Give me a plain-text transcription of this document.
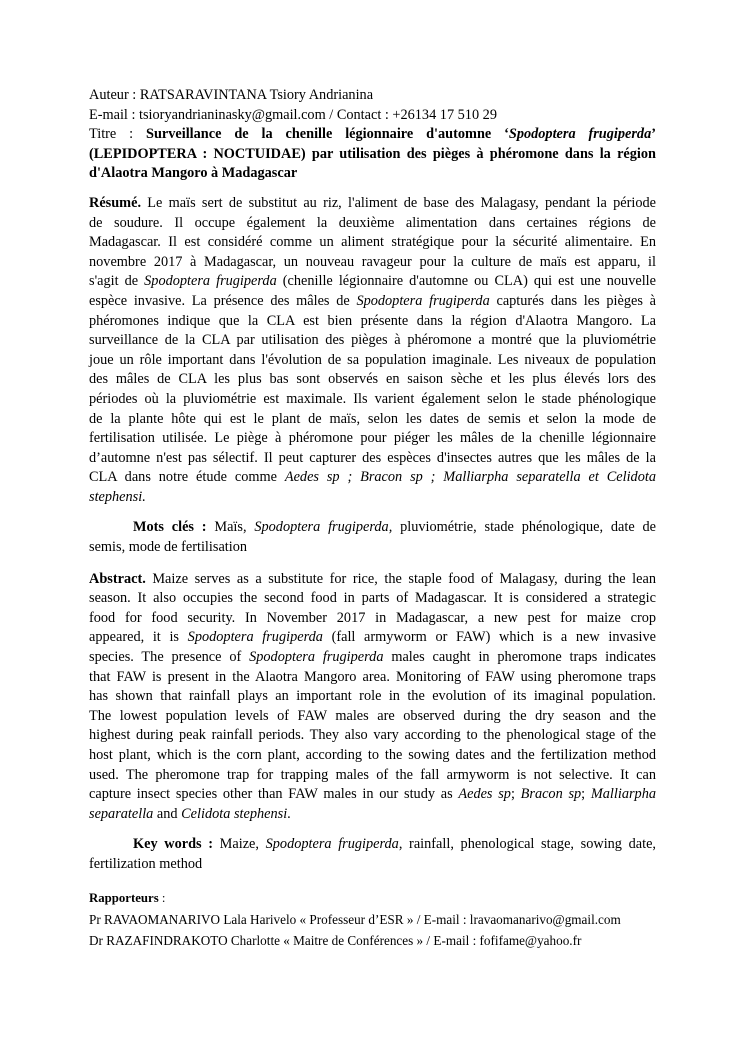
Auteur : RATSARAVINTANA Tsiory Andrianina
E-mail : tsioryandrianinasky@gmail.com / Contact : +26134 17 510 29
Titre : Surveillance de la chenille légionnaire d'automne ‘Spodoptera frugiperda’
(LEPIDOPTERA : NOCTUIDAE) par utilisation des pièges à phéromone dans la région
d'Alaotra Mangoro à Madagascar
Résumé. Le maïs sert de substitut au riz, l'aliment de base des Malagasy, pendant la période
de soudure. Il occupe également la deuxième alimentation dans certaines régions de
Madagascar. Il est considéré comme un aliment stratégique pour la sécurité alimentaire. En
novembre 2017 à Madagascar, un nouveau ravageur pour la culture de maïs est apparu, il
s'agit de Spodoptera frugiperda (chenille légionnaire d'automne ou CLA) qui est une nouvelle
espèce invasive. La présence des mâles de Spodoptera frugiperda capturés dans les pièges à
phéromones indique que la CLA est bien présente dans la région d'Alaotra Mangoro. La
surveillance de la CLA par utilisation des pièges à phéromone a montré que la pluviométrie
joue un rôle important dans l'évolution de sa population imaginale. Les niveaux de population
des mâles de CLA les plus bas sont observés en saison sèche et les plus élevés lors des
périodes où la pluviométrie est maximale. Ils varient également selon le stade phénologique
de la plante hôte qui est le plant de maïs, selon les dates de semis et selon la mode de
fertilisation utilisée. Le piège à phéromone pour piéger les mâles de la chenille légionnaire
d’automne n'est pas sélectif. Il peut capturer des espèces d'insectes autres que les mâles de la
CLA dans notre étude comme Aedes sp ; Bracon sp ; Malliarpha separatella et Celidota
stephensi.
Mots clés : Maïs, Spodoptera frugiperda, pluviométrie, stade phénologique, date de
semis, mode de fertilisation
Abstract. Maize serves as a substitute for rice, the staple food of Malagasy, during the lean
season. It also occupies the second food in parts of Madagascar. It is considered a strategic
food for food security. In November 2017 in Madagascar, a new pest for maize crop
appeared, it is Spodoptera frugiperda (fall armyworm or FAW) which is a new invasive
species. The presence of Spodoptera frugiperda males caught in pheromone traps indicates
that FAW is present in the Alaotra Mangoro area. Monitoring of FAW using pheromone traps
has shown that rainfall plays an important role in the evolution of its imaginal population.
The lowest population levels of FAW males are observed during the dry season and the
highest during peak rainfall periods. They also vary according to the phenological stage of the
host plant, which is the corn plant, according to the sowing dates and the fertilization method
used. The pheromone trap for trapping males of the fall armyworm is not selective. It can
capture insect species other than FAW males in our study as Aedes sp; Bracon sp; Malliarpha
separatella and Celidota stephensi.
Key words : Maize, Spodoptera frugiperda, rainfall, phenological stage, sowing date,
fertilization method
Rapporteurs :
Pr RAVAOMANARIVO Lala Harivelo « Professeur d’ESR » / E-mail : lravaomanarivo@gmail.com
Dr RAZAFINDRAKOTO Charlotte « Maitre de Conférences » / E-mail : fofifame@yahoo.fr
